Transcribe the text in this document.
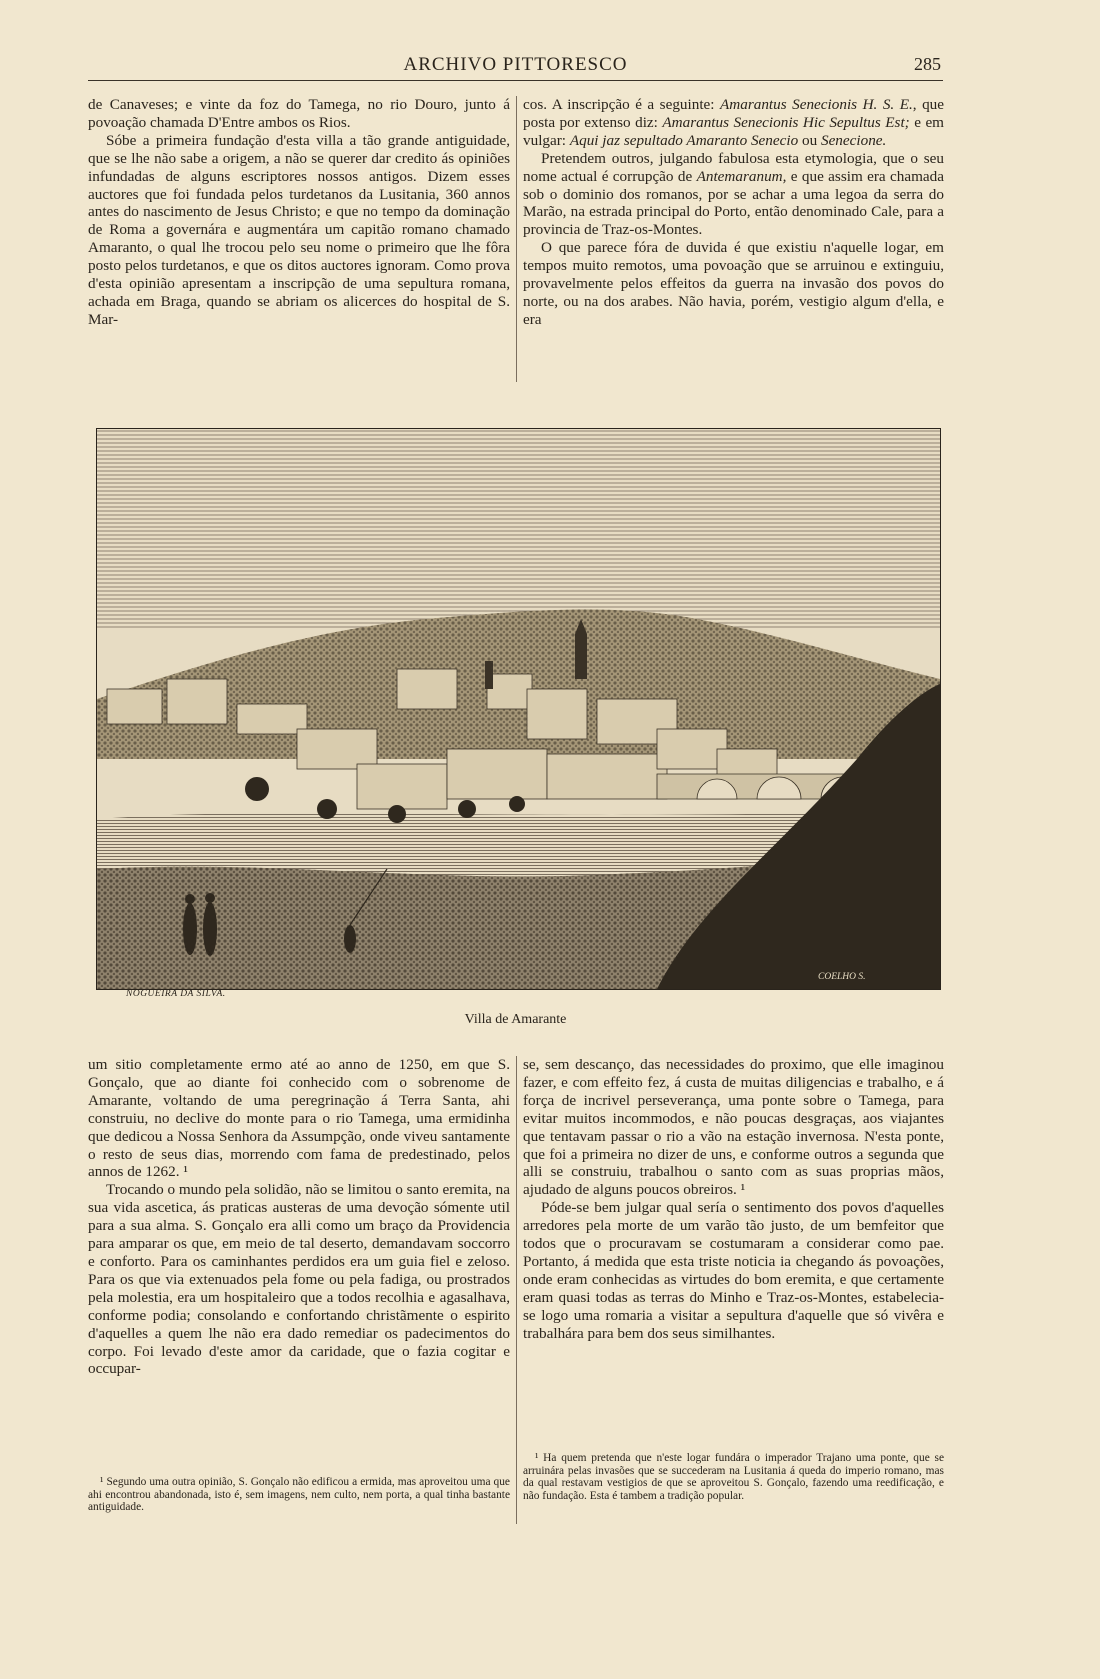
ARCHIVO PITTORESCO	285

de Canaveses; e vinte da foz do Tamega, no rio Douro, junto á povoação chamada D'Entre ambos os Rios.

Sóbe a primeira fundação d'esta villa a tão grande antiguidade, que se lhe não sabe a origem, a não se querer dar credito ás opiniões infundadas de alguns escriptores nossos antigos. Dizem esses auctores que foi fundada pelos turdetanos da Lusitania, 360 annos antes do nascimento de Jesus Christo; e que no tempo da dominação de Roma a governára e augmentára um capitão romano chamado Amaranto, o qual lhe trocou pelo seu nome o primeiro que lhe fôra posto pelos turdetanos, e que os ditos auctores ignoram. Como prova d'esta opinião apresentam a inscripção de uma sepultura romana, achada em Braga, quando se abriam os alicerces do hospital de S. Mar-

cos. A inscripção é a seguinte: Amarantus Senecionis H. S. E., que posta por extenso diz: Amarantus Senecionis Hic Sepultus Est; e em vulgar: Aqui jaz sepultado Amaranto Senecio ou Senecione.

Pretendem outros, julgando fabulosa esta etymologia, que o seu nome actual é corrupção de Antemaranum, e que assim era chamada sob o dominio dos romanos, por se achar a uma legoa da serra do Marão, na estrada principal do Porto, então denominado Cale, para a provincia de Traz-os-Montes.

O que parece fóra de duvida é que existiu n'aquelle logar, em tempos muito remotos, uma povoação que se arruinou e extinguiu, provavelmente pelos effeitos da guerra na invasão dos povos do norte, ou na dos arabes. Não havia, porém, vestigio algum d'ella, e era

NOGUEIRA DA SILVA.
COELHO S.
Villa de Amarante

um sitio completamente ermo até ao anno de 1250, em que S. Gonçalo, que ao diante foi conhecido com o sobrenome de Amarante, voltando de uma peregrinação á Terra Santa, ahi construiu, no declive do monte para o rio Tamega, uma ermidinha que dedicou a Nossa Senhora da Assumpção, onde viveu santamente o resto de seus dias, morrendo com fama de predestinado, pelos annos de 1262. ¹

Trocando o mundo pela solidão, não se limitou o santo eremita, na sua vida ascetica, ás praticas austeras de uma devoção sómente util para a sua alma. S. Gonçalo era alli como um braço da Providencia para amparar os que, em meio de tal deserto, demandavam soccorro e conforto. Para os caminhantes perdidos era um guia fiel e zeloso. Para os que via extenuados pela fome ou pela fadiga, ou prostrados pela molestia, era um hospitaleiro que a todos recolhia e agasalhava, conforme podia; consolando e confortando christãmente o espirito d'aquelles a quem lhe não era dado remediar os padecimentos do corpo. Foi levado d'este amor da caridade, que o fazia cogitar e occupar-

se, sem descanço, das necessidades do proximo, que elle imaginou fazer, e com effeito fez, á custa de muitas diligencias e trabalho, e á força de incrivel perseverança, uma ponte sobre o Tamega, para evitar muitos incommodos, e não poucas desgraças, aos viajantes que tentavam passar o rio a vão na estação invernosa. N'esta ponte, que foi a primeira no dizer de uns, e conforme outros a segunda que alli se construiu, trabalhou o santo com as suas proprias mãos, ajudado de alguns poucos obreiros. ¹

Póde-se bem julgar qual sería o sentimento dos povos d'aquelles arredores pela morte de um varão tão justo, de um bemfeitor que todos que o procuravam se costumaram a considerar como pae. Portanto, á medida que esta triste noticia ia chegando ás povoações, onde eram conhecidas as virtudes do bom eremita, e que certamente eram quasi todas as terras do Minho e Traz-os-Montes, estabelecia-se logo uma romaria a visitar a sepultura d'aquelle que só vivêra e trabalhára para bem dos seus similhantes.

¹ Segundo uma outra opinião, S. Gonçalo não edificou a ermida, mas aproveitou uma que ahi encontrou abandonada, isto é, sem imagens, nem culto, nem porta, a qual tinha bastante antiguidade.

¹ Ha quem pretenda que n'este logar fundára o imperador Trajano uma ponte, que se arruinára pelas invasões que se succederam na Lusitania á queda do imperio romano, mas da qual restavam vestigios de que se aproveitou S. Gonçalo, fazendo uma reedificação, e não fundação. Esta é tambem a tradição popular.
